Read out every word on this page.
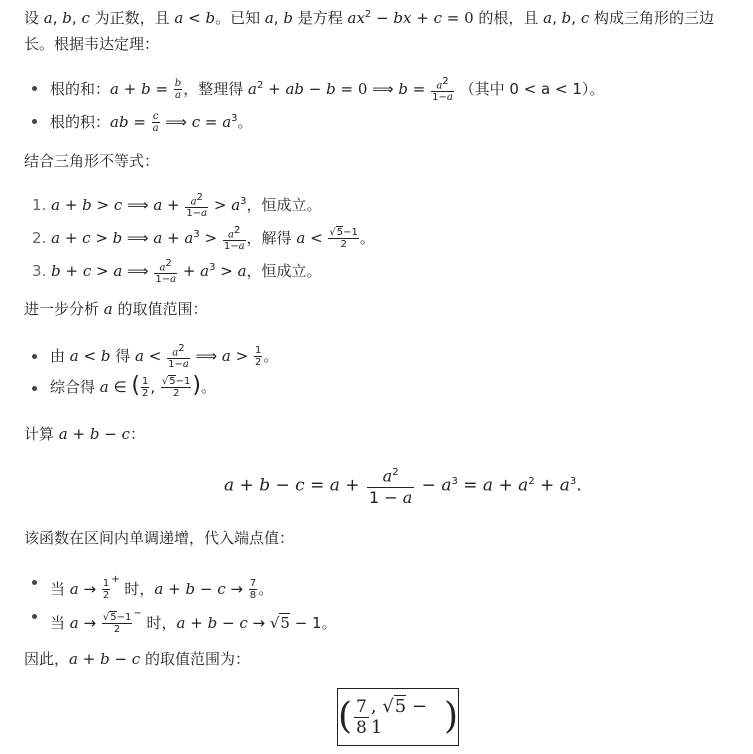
设 a, b, c 为正数，且 a < b。已知 a, b 是方程 $ax^2$ − bx + c = 0 的根，且 a, b, c 构成三角形的三边
长。根据韦达定理：
根的和：$a + b = \frac{b}{a}$ ，整理得 $a^2$ + ab − b = 0 ⟹ $b = \frac{a^2}{1-a}$ （其中 0 < a < 1）。
根的积：ab = $\frac{c}{a}$ ⟹ $c = a^3$。
结合三角形不等式：
1. a + b > c ⟹ $a + \frac{a^2}{1-a} > a^3$，恒成立。
2. a + c > b ⟹ $a + a^3 > \frac{a^2}{1-a}$ ，解得 $a < \frac{√5-1}{2}$ 。
3. b + c > a ⟹ $\frac{a^2}{1-a} + a^3 > a$，恒成立。
进一步分析 a 的取值范围：
由 a < b 得 $a < \frac{a^2}{1-a}$ ⟹ $a > \frac{1}{2}$ 。
综合得 a ∈ ( $\frac{1}{2}$ , $\frac{√5-1}{2}$ )。
计算 a + b − c：
$a + b - c = a + \frac{a^2}{1 - a} - a^3 = a + a^2 + a^3$.
该函数在区间内单调递增，代入端点值：
当 $a \to \frac{1}{2} ^+$ 时，$a + b - c \to \frac{7}{8}$ 。
当 $a \to \frac{√5-1}{2} ^-$ 时，a + b − c → √5 − 1。
因此，a + b − c 的取值范围为：
( 7
8
, √5 − 1	)
